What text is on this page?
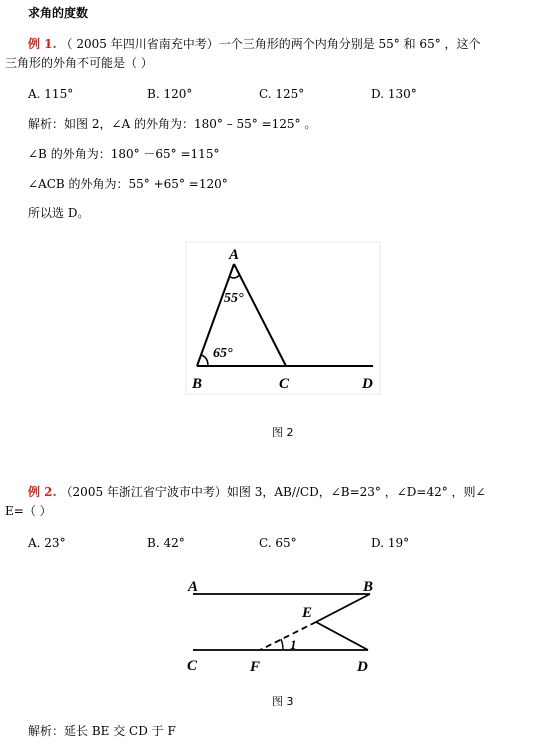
求角的度数
例 1. （ 2005 年四川省南充中考）一个三角形的两个内角分别是 55° 和 65° ，这个
三角形的外角不可能是（ ）
A. 115°	B. 120°	C. 125°	D. 130°
解析：如图 2，∠A 的外角为：180° – 55° =125° 。
∠B 的外角为：180° －65° =115°
∠ACB 的外角为：55° +65° =120°
所以选 D。
A
B	C	D
55°
65°
图 2
例 2. （2005 年浙江省宁波市中考）如图 3，AB//CD，∠B=23° ，∠D=42° ，则∠
E=（ ）
A. 23°	B. 42°	C. 65°	D. 19°
A	B
C	D
E
F
1
图 3
解析：延长 BE 交 CD 于 F
